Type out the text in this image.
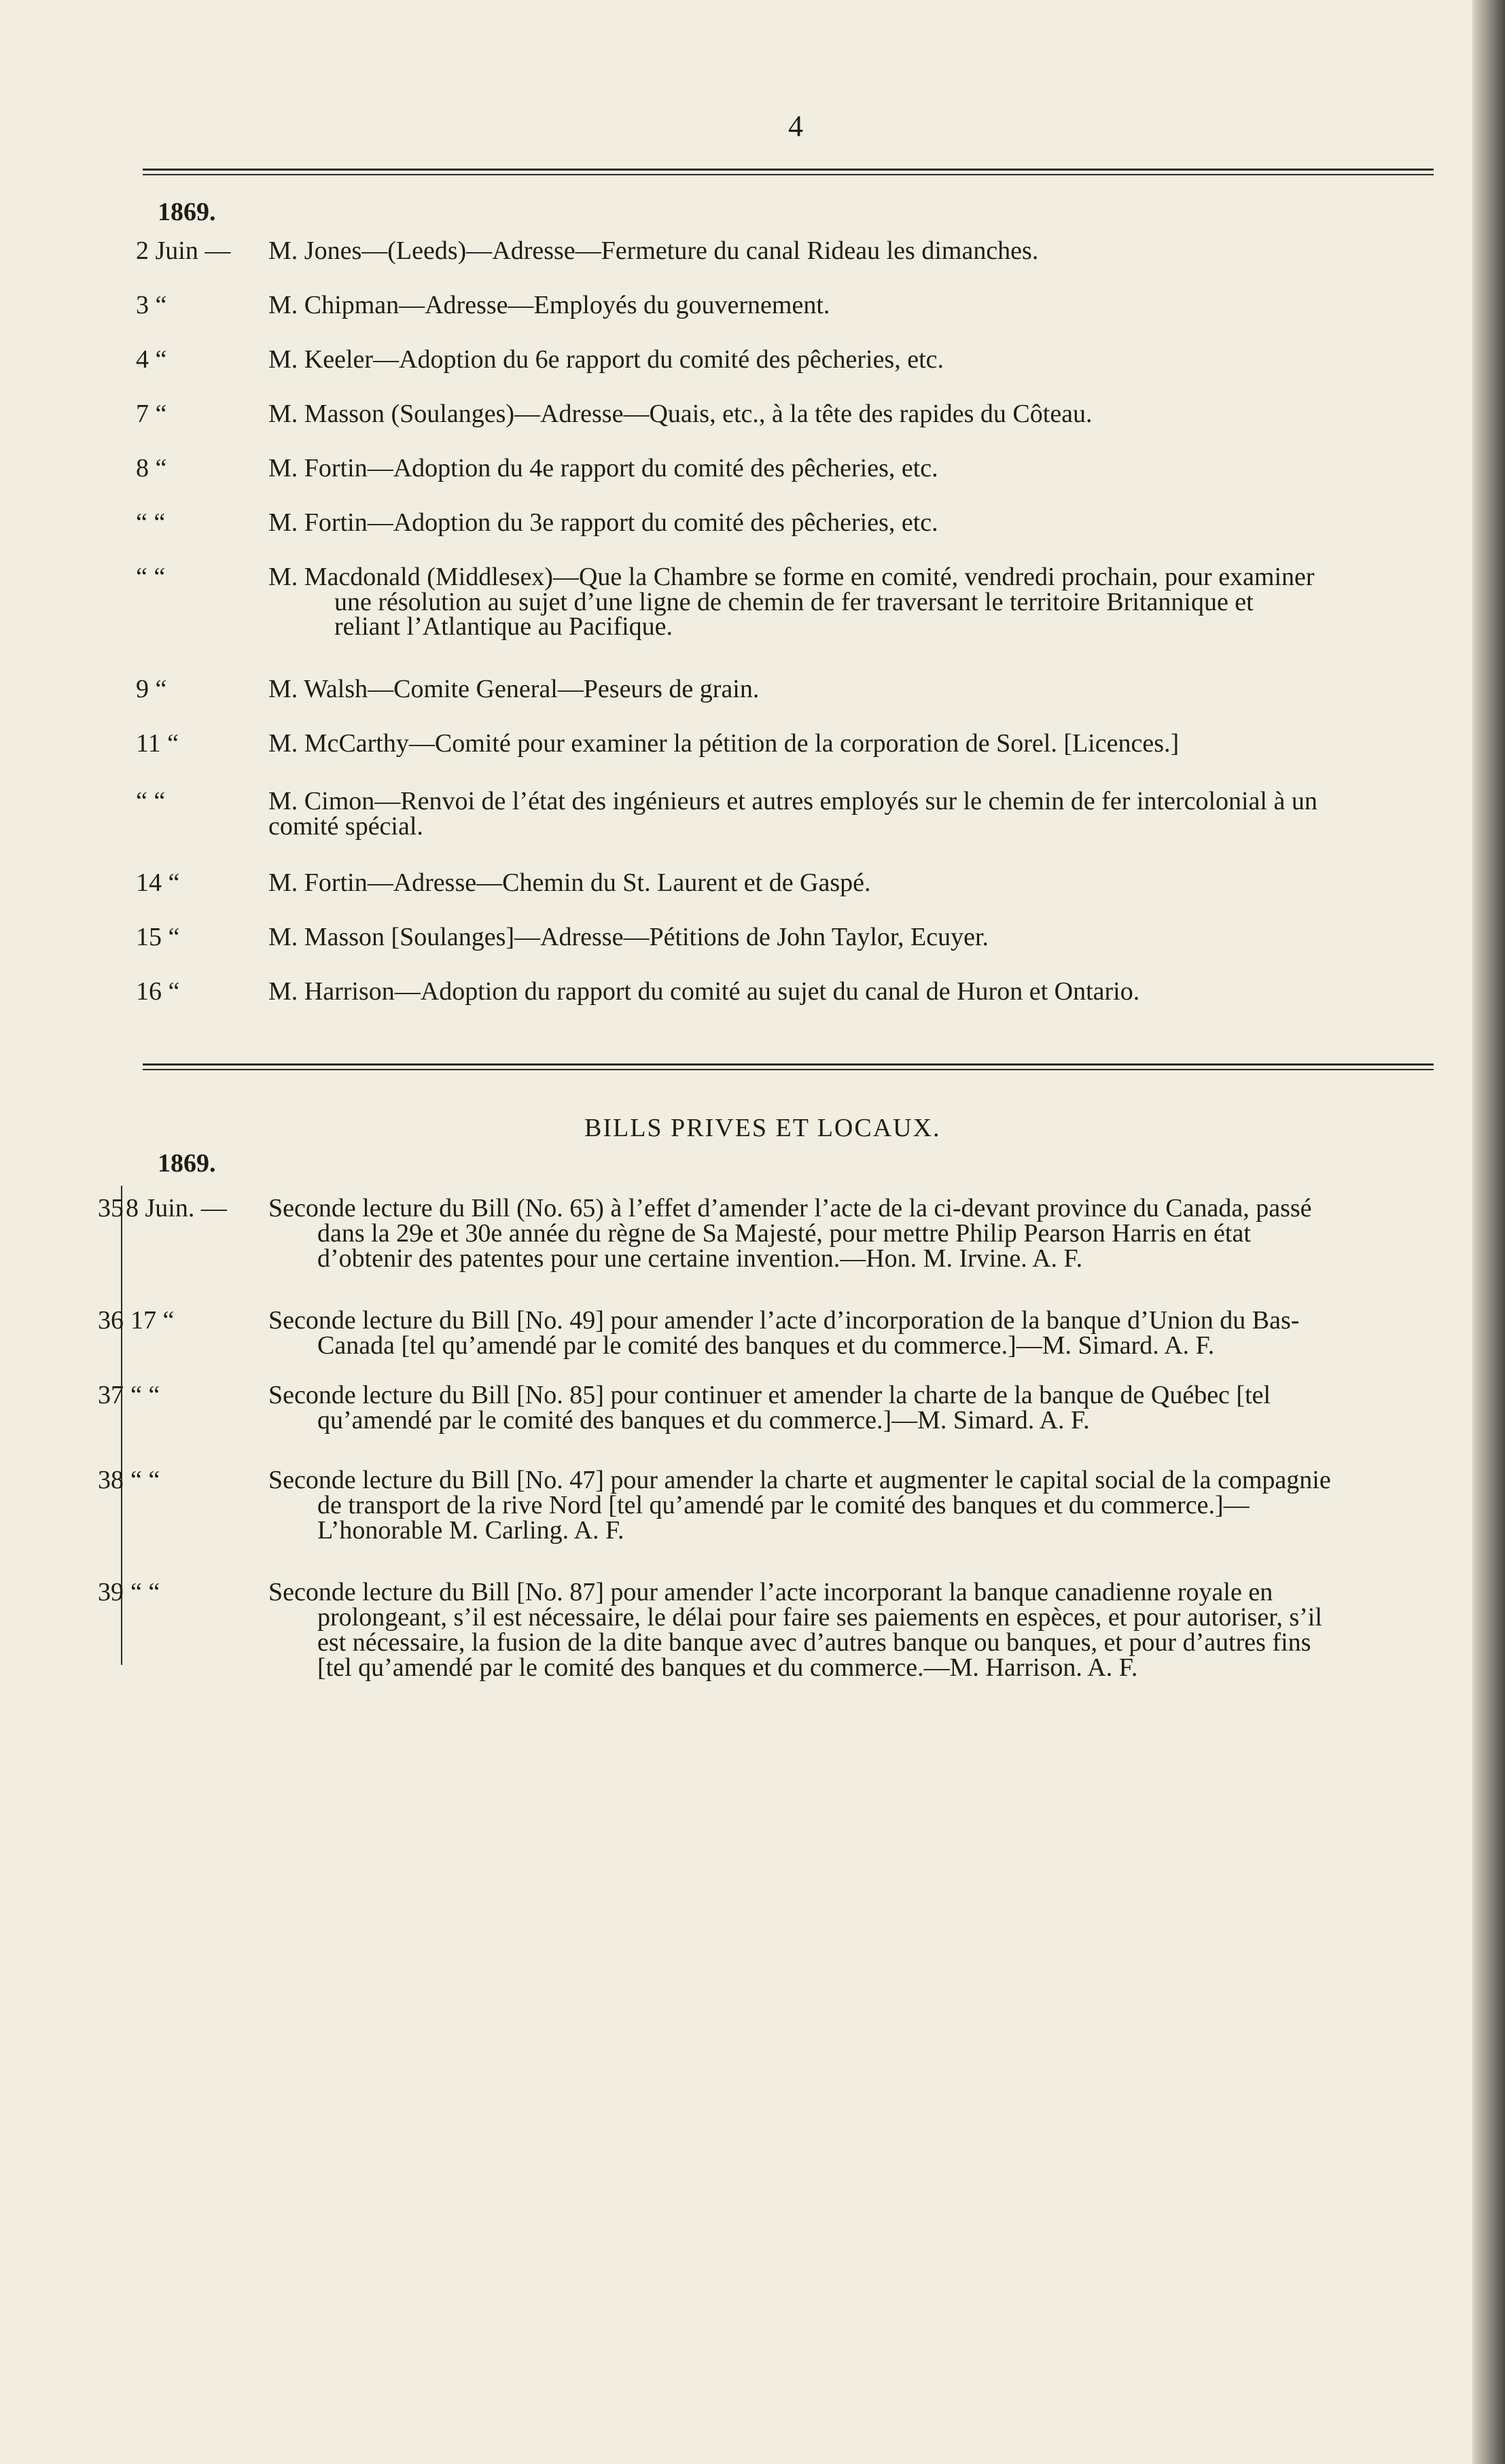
4
1869.
2 Juin —	M. Jones—(Leeds)—Adresse—Fermeture du canal Rideau les dimanches.
3 “	M. Chipman—Adresse—Employés du gouvernement.
4 “	M. Keeler—Adoption du 6e rapport du comité des pêcheries, etc.
7 “	M. Masson (Soulanges)—Adresse—Quais, etc., à la tête des rapides du Côteau.
8 “	M. Fortin—Adoption du 4e rapport du comité des pêcheries, etc.
“ “	M. Fortin—Adoption du 3e rapport du comité des pêcheries, etc.
“ “	M. Macdonald (Middlesex)—Que la Chambre se forme en comité, vendredi prochain, pour examiner
une résolution au sujet d’une ligne de chemin de fer traversant le territoire Britannique et
reliant l’Atlantique au Pacifique.
9 “	M. Walsh—Comite General—Peseurs de grain.
11 “	M. McCarthy—Comité pour examiner la pétition de la corporation de Sorel. [Licences.]
“ “	M. Cimon—Renvoi de l’état des ingénieurs et autres employés sur le chemin de fer intercolonial à un
comité spécial.
14 “	M. Fortin—Adresse—Chemin du St. Laurent et de Gaspé.
15 “	M. Masson [Soulanges]—Adresse—Pétitions de John Taylor, Ecuyer.
16 “	M. Harrison—Adoption du rapport du comité au sujet du canal de Huron et Ontario.
BILLS PRIVES ET LOCAUX.
1869.
35 8 Juin. —	Seconde lecture du Bill (No. 65) à l’effet d’amender l’acte de la ci-devant province du Canada, passé
dans la 29e et 30e année du règne de Sa Majesté, pour mettre Philip Pearson Harris en état
d’obtenir des patentes pour une certaine invention.—Hon. M. Irvine. A. F.
36 17 “	Seconde lecture du Bill [No. 49] pour amender l’acte d’incorporation de la banque d’Union du Bas-
Canada [tel qu’amendé par le comité des banques et du commerce.]—M. Simard. A. F.
37 “ “	Seconde lecture du Bill [No. 85] pour continuer et amender la charte de la banque de Québec [tel
qu’amendé par le comité des banques et du commerce.]—M. Simard. A. F.
38 “ “	Seconde lecture du Bill [No. 47] pour amender la charte et augmenter le capital social de la compagnie
de transport de la rive Nord [tel qu’amendé par le comité des banques et du commerce.]—
L’honorable M. Carling. A. F.
39 “ “	Seconde lecture du Bill [No. 87] pour amender l’acte incorporant la banque canadienne royale en
prolongeant, s’il est nécessaire, le délai pour faire ses paiements en espèces, et pour autoriser, s’il
est nécessaire, la fusion de la dite banque avec d’autres banque ou banques, et pour d’autres fins
[tel qu’amendé par le comité des banques et du commerce.—M. Harrison. A. F.
